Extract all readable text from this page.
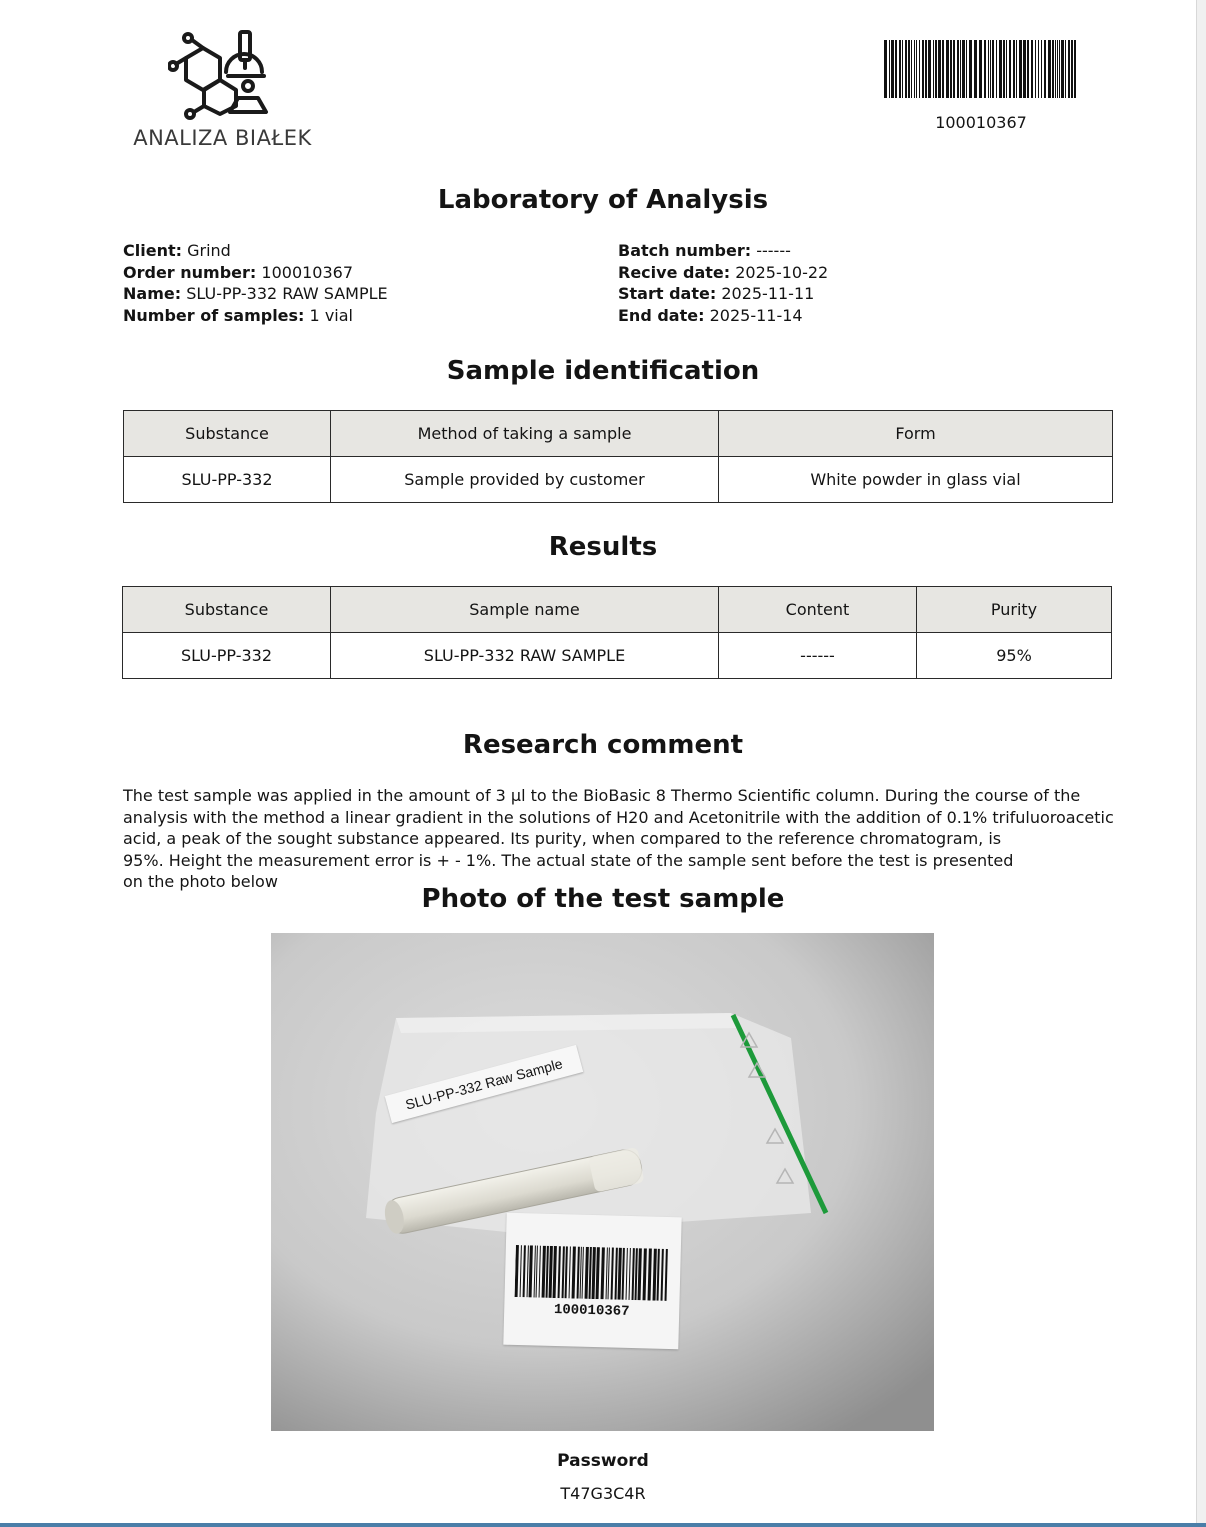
ANALIZA BIAŁEK
100010367
Laboratory of Analysis
Client: Grind
Order number: 100010367
Name: SLU-PP-332 RAW SAMPLE
Number of samples: 1 vial
Batch number: ------
Recive date: 2025-10-22
Start date: 2025-11-11
End date: 2025-11-14
Sample identification
Substance	Method of taking a sample	Form
SLU-PP-332	Sample provided by customer	White powder in glass vial
Results
Substance	Sample name	Content	Purity
SLU-PP-332	SLU-PP-332 RAW SAMPLE	------	95%
Research comment
The test sample was applied in the amount of 3 µl to the BioBasic 8 Thermo Scientific column. During the course of the
analysis with the method a linear gradient in the solutions of H20 and Acetonitrile with the addition of 0.1% trifuluoroacetic
acid, a peak of the sought substance appeared. Its purity, when compared to the reference chromatogram, is
95%. Height the measurement error is + - 1%. The actual state of the sample sent before the test is presented
on the photo below
Photo of the test sample
SLU-PP-332 Raw Sample
100010367
Password
T47G3C4R
